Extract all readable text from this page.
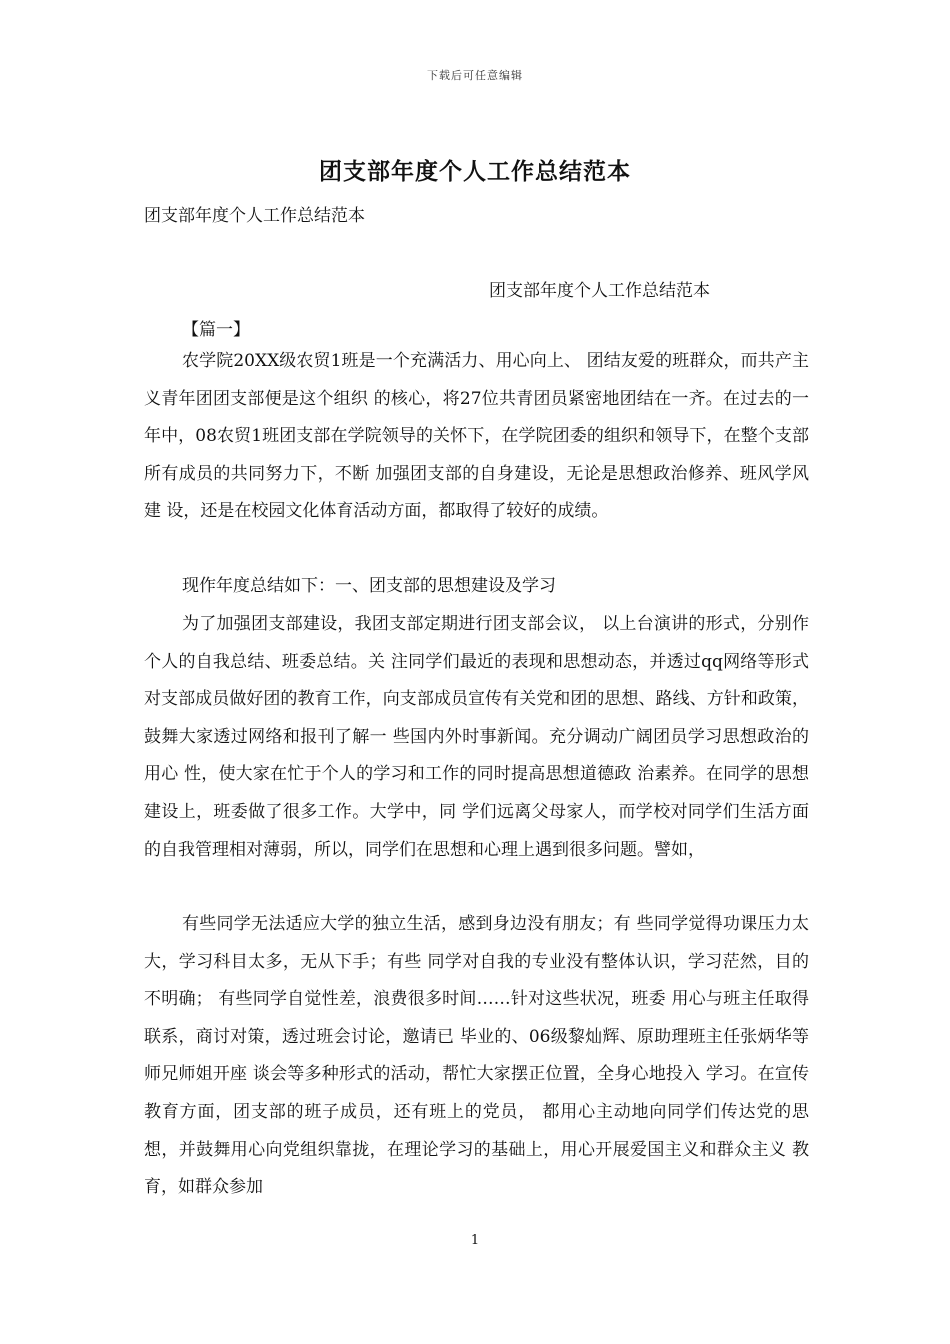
下载后可任意编辑
团支部年度个人工作总结范本
团支部年度个人工作总结范本
团支部年度个人工作总结范本
【篇一】

农学院20XX级农贸1班是一个充满活力、用心向上、 团结友爱的班群众，而共产主义青年团团支部便是这个组织 的核心，将27位共青团员紧密地团结在一齐。在过去的一 年中，08农贸1班团支部在学院领导的关怀下，在学院团委的组织和领导下，在整个支部所有成员的共同努力下，不断 加强团支部的自身建设，无论是思想政治修养、班风学风建 设，还是在校园文化体育活动方面，都取得了较好的成绩。

现作年度总结如下：一、团支部的思想建设及学习

为了加强团支部建设，我团支部定期进行团支部会议， 以上台演讲的形式，分别作个人的自我总结、班委总结。关 注同学们最近的表现和思想动态，并透过qq网络等形式对支部成员做好团的教育工作，向支部成员宣传有关党和团的思想、路线、方针和政策，鼓舞大家透过网络和报刊了解一 些国内外时事新闻。充分调动广阔团员学习思想政治的用心 性，使大家在忙于个人的学习和工作的同时提高思想道德政 治素养。在同学的思想建设上，班委做了很多工作。大学中，同 学们远离父母家人，而学校对同学们生活方面的自我管理相对薄弱，所以，同学们在思想和心理上遇到很多问题。譬如，

有些同学无法适应大学的独立生活，感到身边没有朋友；有 些同学觉得功课压力太大，学习科目太多，无从下手；有些 同学对自我的专业没有整体认识，学习茫然，目的不明确； 有些同学自觉性差，浪费很多时间……针对这些状况，班委 用心与班主任取得联系，商讨对策，透过班会讨论，邀请已 毕业的、06级黎灿辉、原助理班主任张炳华等师兄师姐开座 谈会等多种形式的活动，帮忙大家摆正位置，全身心地投入 学习。在宣传教育方面，团支部的班子成员，还有班上的党员， 都用心主动地向同学们传达党的思想，并鼓舞用心向党组织靠拢，在理论学习的基础上，用心开展爱国主义和群众主义 教育，如群众参加

1
